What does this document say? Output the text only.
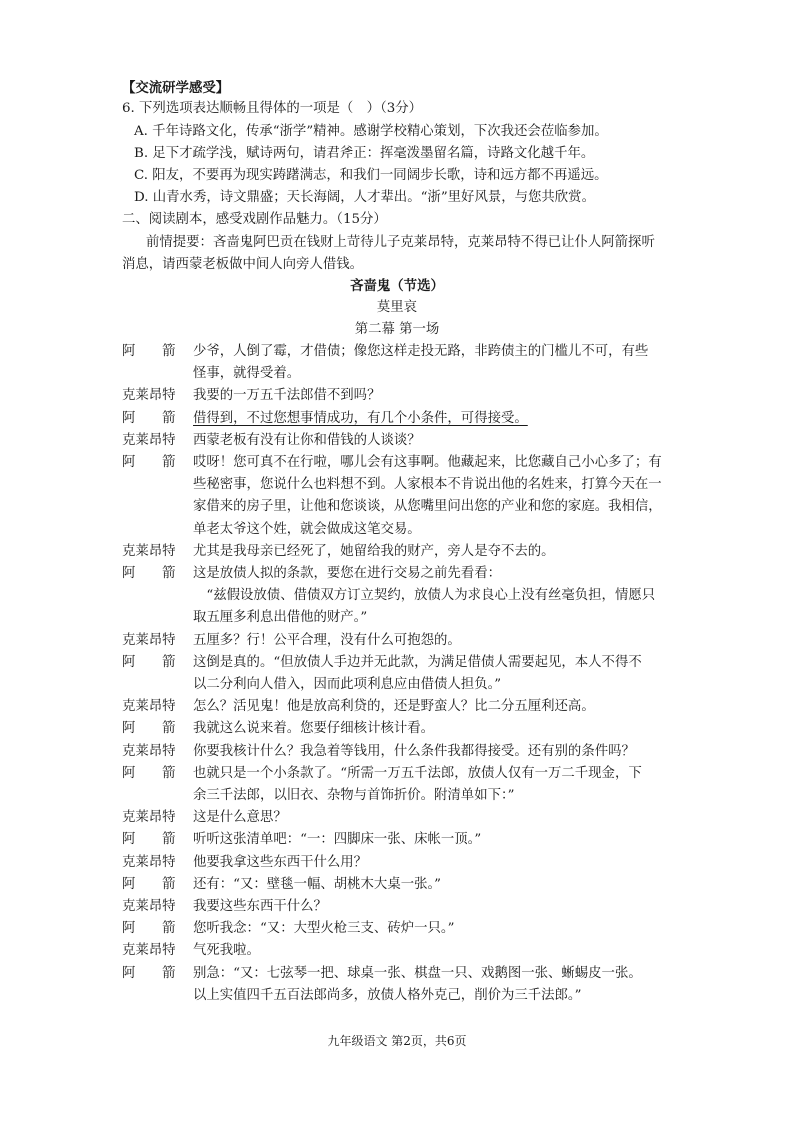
【交流研学感受】
6. 下列选项表达顺畅且得体的一项是（　）（3分）
A. 千年诗路文化，传承“浙学”精神。感谢学校精心策划，下次我还会莅临参加。
B. 足下才疏学浅，赋诗两句，请君斧正：挥毫泼墨留名篇，诗路文化越千年。
C. 阳友，不要再为现实踌躇满志，和我们一同阔步长歌，诗和远方都不再遥远。
D. 山青水秀，诗文鼎盛；天长海阔，人才辈出。“浙”里好风景，与您共欣赏。
二、阅读剧本，感受戏剧作品魅力。（15分）
前情提要：吝啬鬼阿巴贡在钱财上苛待儿子克莱昂特，克莱昂特不得已让仆人阿箭探听
消息，请西蒙老板做中间人向旁人借钱。
吝啬鬼（节选）
莫里哀
第二幕 第一场
阿　　箭 少爷，人倒了霉，才借债；像您这样走投无路，非跨债主的门槛儿不可，有些
怪事，就得受着。
克莱昂特 我要的一万五千法郎借不到吗？
阿　　箭 借得到，不过您想事情成功，有几个小条件，可得接受。
克莱昂特 西蒙老板有没有让你和借钱的人谈谈？
阿　　箭 哎呀！您可真不在行啦，哪儿会有这事啊。他藏起来，比您藏自己小心多了；有
些秘密事，您说什么也料想不到。人家根本不肯说出他的名姓来，打算今天在一
家借来的房子里，让他和您谈谈，从您嘴里问出您的产业和您的家庭。我相信，
单老太爷这个姓，就会做成这笔交易。
克莱昂特 尤其是我母亲已经死了，她留给我的财产，旁人是夺不去的。
阿　　箭 这是放债人拟的条款，要您在进行交易之前先看看：
　“兹假设放债、借债双方订立契约，放债人为求良心上没有丝毫负担，情愿只
取五厘多利息出借他的财产。”
克莱昂特 五厘多？行！公平合理，没有什么可抱怨的。
阿　　箭 这倒是真的。“但放债人手边并无此款，为满足借债人需要起见，本人不得不
以二分利向人借入，因而此项利息应由借债人担负。”
克莱昂特 怎么？活见鬼！他是放高利贷的，还是野蛮人？比二分五厘利还高。
阿　　箭 我就这么说来着。您要仔细核计核计看。
克莱昂特 你要我核计什么？我急着等钱用，什么条件我都得接受。还有别的条件吗？
阿　　箭 也就只是一个小条款了。“所需一万五千法郎，放债人仅有一万二千现金，下
余三千法郎，以旧衣、杂物与首饰折价。附清单如下：”
克莱昂特 这是什么意思？
阿　　箭 听听这张清单吧：“一：四脚床一张、床帐一顶。”
克莱昂特 他要我拿这些东西干什么用？
阿　　箭 还有：“又：壁毯一幅、胡桃木大桌一张。”
克莱昂特 我要这些东西干什么？
阿　　箭 您听我念：“又：大型火枪三支、砖炉一只。”
克莱昂特 气死我啦。
阿　　箭 别急：“又：七弦琴一把、球桌一张、棋盘一只、戏鹅图一张、蜥蜴皮一张。
以上实值四千五百法郎尚多，放债人格外克己，削价为三千法郎。”
九年级语文 第2页，共6页
